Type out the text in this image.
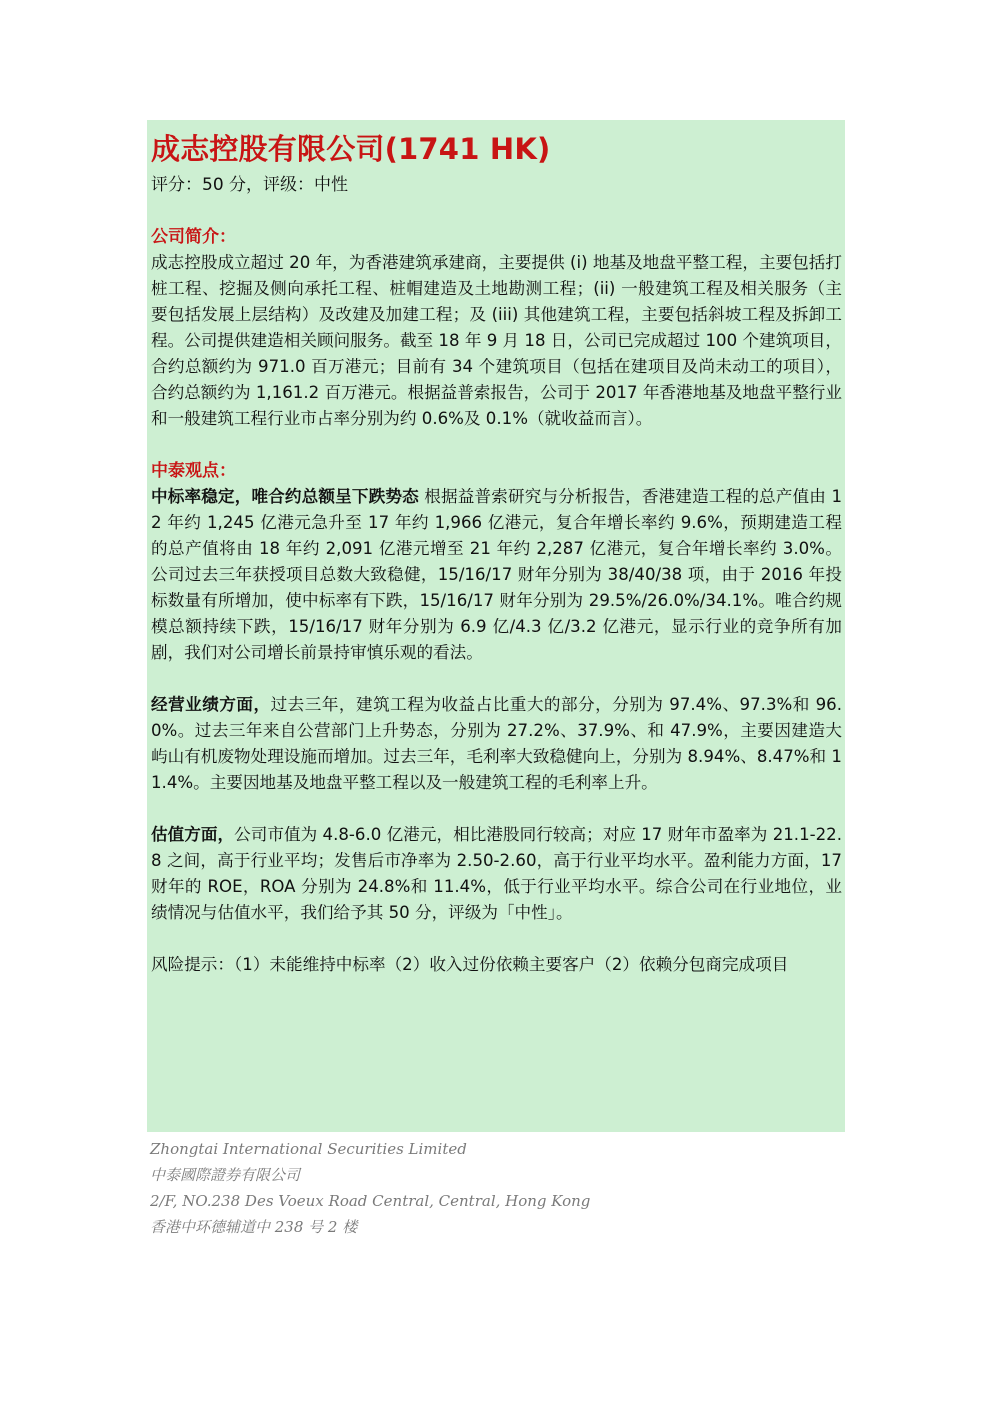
成志控股有限公司(1741 HK)

评分：50 分，评级：中性

公司简介：

成志控股成立超过 20 年，为香港建筑承建商，主要提供 (i) 地基及地盘平整工程，主要包括打桩工程、挖掘及侧向承托工程、桩帽建造及土地勘测工程；(ii) 一般建筑工程及相关服务（主要包括发展上层结构）及改建及加建工程；及 (iii) 其他建筑工程，主要包括斜坡工程及拆卸工程。公司提供建造相关顾问服务。截至 18 年 9 月 18 日，公司已完成超过 100 个建筑项目，合约总额约为 971.0 百万港元；目前有 34 个建筑项目（包括在建项目及尚未动工的项目），合约总额约为 1,161.2 百万港元。根据益普索报告，公司于 2017 年香港地基及地盘平整行业和一般建筑工程行业市占率分别为约 0.6%及 0.1%（就收益而言）。

中泰观点：

中标率稳定，唯合约总额呈下跌势态 根据益普索研究与分析报告，香港建造工程的总产值由 12 年约 1,245 亿港元急升至 17 年约 1,966 亿港元，复合年增长率约 9.6%，预期建造工程的总产值将由 18 年约 2,091 亿港元增至 21 年约 2,287 亿港元，复合年增长率约 3.0%。公司过去三年获授项目总数大致稳健，15/16/17 财年分别为 38/40/38 项，由于 2016 年投标数量有所增加，使中标率有下跌，15/16/17 财年分别为 29.5%/26.0%/34.1%。唯合约规模总额持续下跌，15/16/17 财年分别为 6.9 亿/4.3 亿/3.2 亿港元，显示行业的竞争所有加剧，我们对公司增长前景持审慎乐观的看法。

经营业绩方面，过去三年，建筑工程为收益占比重大的部分，分别为 97.4%、97.3%和 96.0%。过去三年来自公营部门上升势态，分别为 27.2%、37.9%、和 47.9%，主要因建造大屿山有机废物处理设施而增加。过去三年，毛利率大致稳健向上，分别为 8.94%、8.47%和 11.4%。主要因地基及地盘平整工程以及一般建筑工程的毛利率上升。

估值方面，公司市值为 4.8-6.0 亿港元，相比港股同行较高；对应 17 财年市盈率为 21.1-22.8 之间，高于行业平均；发售后市净率为 2.50-2.60，高于行业平均水平。盈利能力方面，17 财年的 ROE，ROA 分别为 24.8%和 11.4%，低于行业平均水平。综合公司在行业地位，业绩情况与估值水平，我们给予其 50 分，评级为「中性」。

风险提示：（1）未能维持中标率（2）收入过份依赖主要客户（2）依赖分包商完成项目

Zhongtai International Securities Limited
中泰國際證券有限公司
2/F, NO.238 Des Voeux Road Central, Central, Hong Kong
香港中环德辅道中 238 号 2 楼
